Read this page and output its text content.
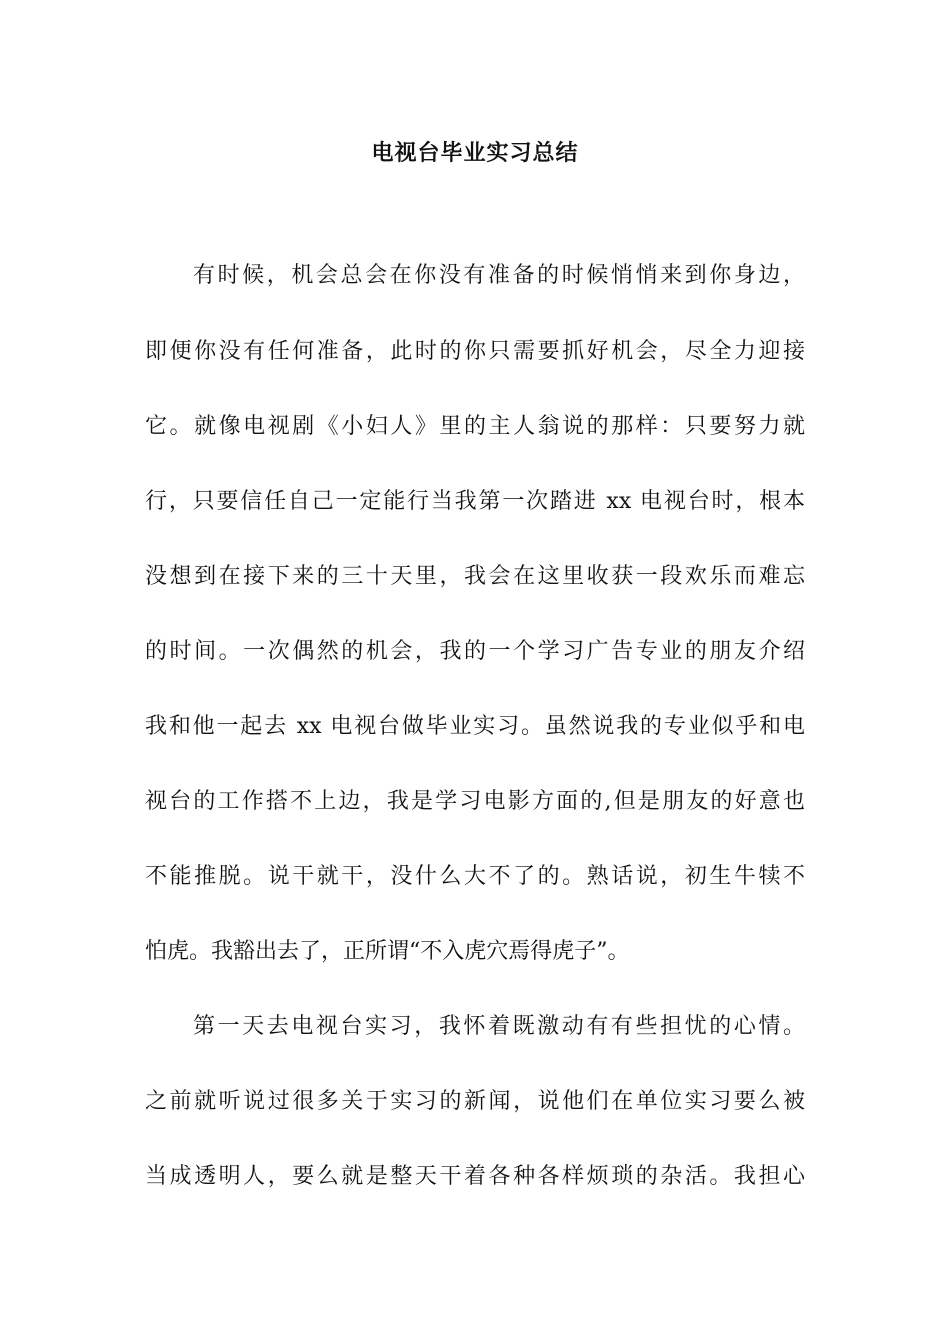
电视台毕业实习总结
有时候，机会总会在你没有准备的时候悄悄来到你身边，
即便你没有任何准备，此时的你只需要抓好机会，尽全力迎接
它。就像电视剧《小妇人》里的主人翁说的那样：只要努力就
行，只要信任自己一定能行当我第一次踏进 xx 电视台时，根本
没想到在接下来的三十天里，我会在这里收获一段欢乐而难忘
的时间。一次偶然的机会，我的一个学习广告专业的朋友介绍
我和他一起去 xx 电视台做毕业实习。虽然说我的专业似乎和电
视台的工作搭不上边，我是学习电影方面的,但是朋友的好意也
不能推脱。说干就干，没什么大不了的。熟话说，初生牛犊不
怕虎。我豁出去了，正所谓“不入虎穴焉得虎子”。
第一天去电视台实习，我怀着既激动有有些担忧的心情。
之前就听说过很多关于实习的新闻，说他们在单位实习要么被
当成透明人，要么就是整天干着各种各样烦琐的杂活。我担心
